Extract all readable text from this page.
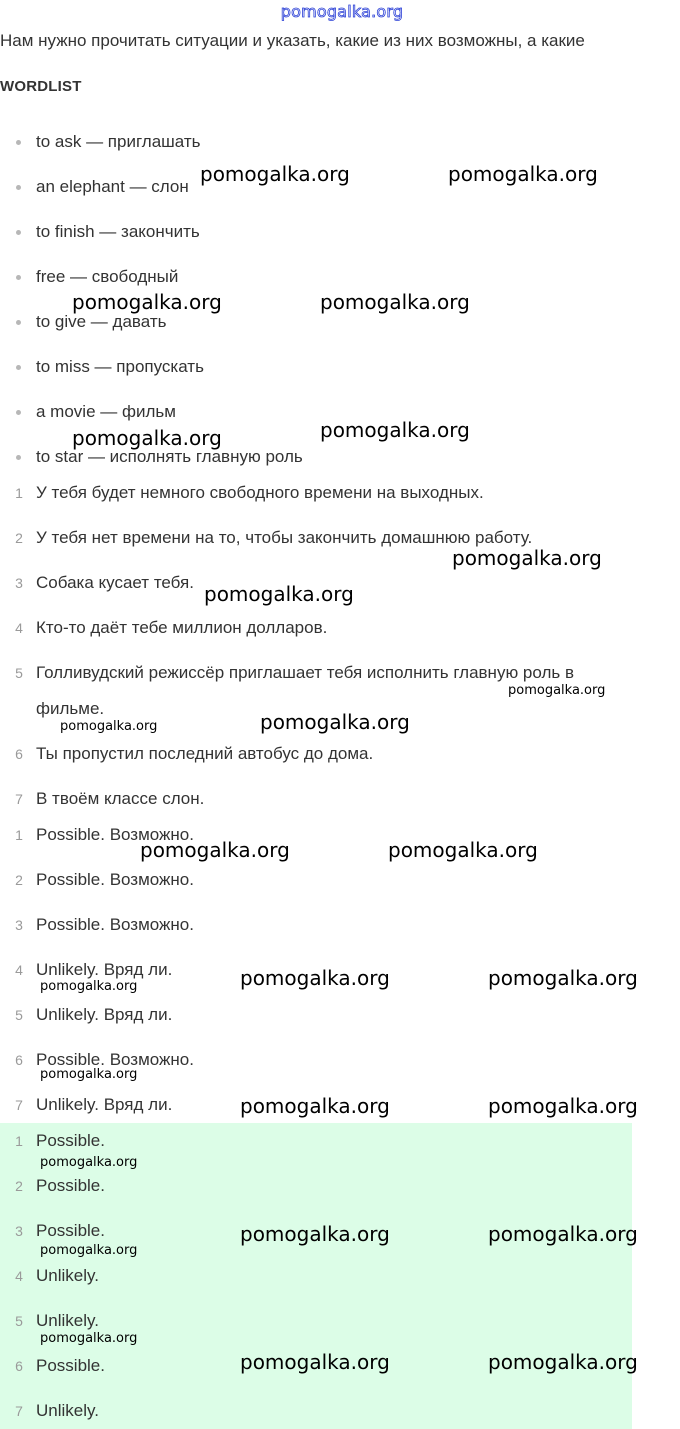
pomogalka.org
Нам нужно прочитать ситуации и указать, какие из них возможны, а какие
WORDLIST
to ask — приглашать
an elephant — слон
to finish — закончить
free — свободный
to give — давать
to miss — пропускать
a movie — фильм
to star — исполнять главную роль
1 У тебя будет немного свободного времени на выходных.
2 У тебя нет времени на то, чтобы закончить домашнюю работу.
3 Собака кусает тебя.
4 Кто-то даёт тебе миллион долларов.
5 Голливудский режиссёр приглашает тебя исполнить главную роль в
фильме.
6 Ты пропустил последний автобус до дома.
7 В твоём классе слон.
1 Possible. Возможно.
2 Possible. Возможно.
3 Possible. Возможно.
4 Unlikely. Вряд ли.
5 Unlikely. Вряд ли.
6 Possible. Возможно.
7 Unlikely. Вряд ли.
1 Possible.
2 Possible.
3 Possible.
4 Unlikely.
5 Unlikely.
6 Possible.
7 Unlikely.
pomogalka.org	pomogalka.org
pomogalka.org	pomogalka.org
pomogalka.org	pomogalka.org
pomogalka.org
pomogalka.org
pomogalka.org
pomogalka.org
pomogalka.org
pomogalka.org	pomogalka.org
pomogalka.org	pomogalka.org
pomogalka.org
pomogalka.org
pomogalka.org	pomogalka.org
pomogalka.org
pomogalka.org	pomogalka.org
pomogalka.org
pomogalka.org
pomogalka.org	pomogalka.org
